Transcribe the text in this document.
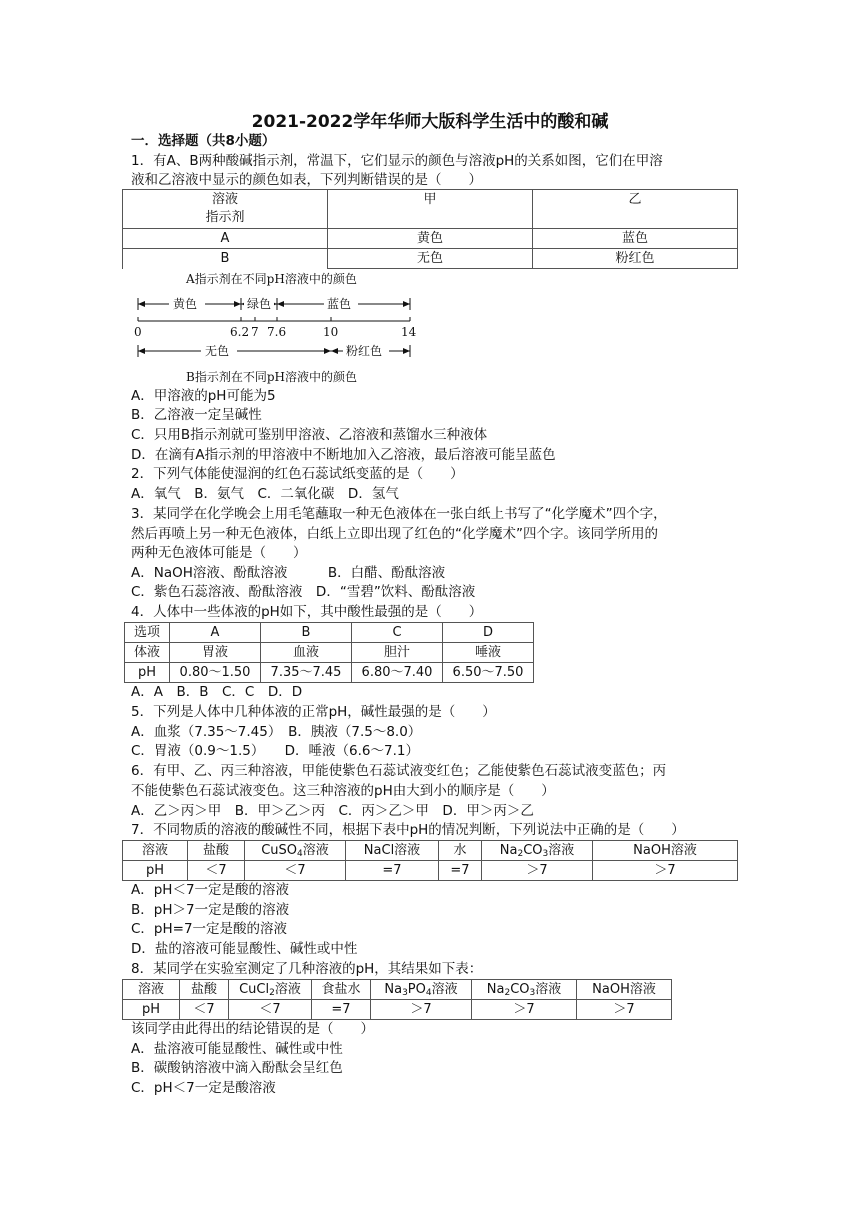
2021-2022学年华师大版科学生活中的酸和碱
一．选择题（共8小题）
1．有A、B两种酸碱指示剂，常温下，它们显示的颜色与溶液pH的关系如图，它们在甲溶
液和乙溶液中显示的颜色如表，下列判断错误的是（　　）
溶液
指示剂	甲	乙
A	黄色	蓝色
B	无色	粉红色
A指示剂在不同pH溶液中的颜色
黄色	绿色	蓝色
0	6.2 7 7.6	10	14
无色	粉红色
B指示剂在不同pH溶液中的颜色
A．甲溶液的pH可能为5
B．乙溶液一定呈碱性
C．只用B指示剂就可鉴别甲溶液、乙溶液和蒸馏水三种液体
D．在滴有A指示剂的甲溶液中不断地加入乙溶液，最后溶液可能呈蓝色
2．下列气体能使湿润的红色石蕊试纸变蓝的是（　　）
A．氧气　B．氨气　C．二氧化碳　D．氢气
3．某同学在化学晚会上用毛笔蘸取一种无色液体在一张白纸上书写了“化学魔术”四个字，
然后再喷上另一种无色液体，白纸上立即出现了红色的“化学魔术”四个字。该同学所用的
两种无色液体可能是（　　）
A．NaOH溶液、酚酞溶液　　　B．白醋、酚酞溶液
C．紫色石蕊溶液、酚酞溶液　D．“雪碧”饮料、酚酞溶液
4．人体中一些体液的pH如下，其中酸性最强的是（　　）
选项	A	B	C	D
体液	胃液	血液	胆汁	唾液
pH	0.80～1.50	7.35～7.45	6.80～7.40	6.50～7.50
A．A　B．B　C．C　D．D
5．下列是人体中几种体液的正常pH，碱性最强的是（　　）
A．血浆（7.35～7.45）　B．胰液（7.5～8.0）
C．胃液（0.9～1.5）　　D．唾液（6.6～7.1）
6．有甲、乙、丙三种溶液，甲能使紫色石蕊试液变红色；乙能使紫色石蕊试液变蓝色；丙
不能使紫色石蕊试液变色。这三种溶液的pH由大到小的顺序是（　　）
A．乙＞丙＞甲　B．甲＞乙＞丙　C．丙＞乙＞甲　D．甲＞丙＞乙
7．不同物质的溶液的酸碱性不同，根据下表中pH的情况判断，下列说法中正确的是（　　）
溶液	盐酸	CuSO$_4$溶液	NaCl溶液	水	$Na_2CO_3$溶液	NaOH溶液
pH	＜7	＜7	=7	=7	＞7	＞7
A．pH＜7一定是酸的溶液
B．pH＞7一定是酸的溶液
C．pH=7一定是酸的溶液
D．盐的溶液可能显酸性、碱性或中性
8．某同学在实验室测定了几种溶液的pH，其结果如下表：
溶液	盐酸	CuCl$_2$溶液	食盐水	$Na_3PO_4$溶液	$Na_2CO_3$溶液	NaOH溶液
pH	＜7	＜7	=7	＞7	＞7	＞7
该同学由此得出的结论错误的是（　　）
A．盐溶液可能显酸性、碱性或中性
B．碳酸钠溶液中滴入酚酞会呈红色
C．pH＜7一定是酸溶液
